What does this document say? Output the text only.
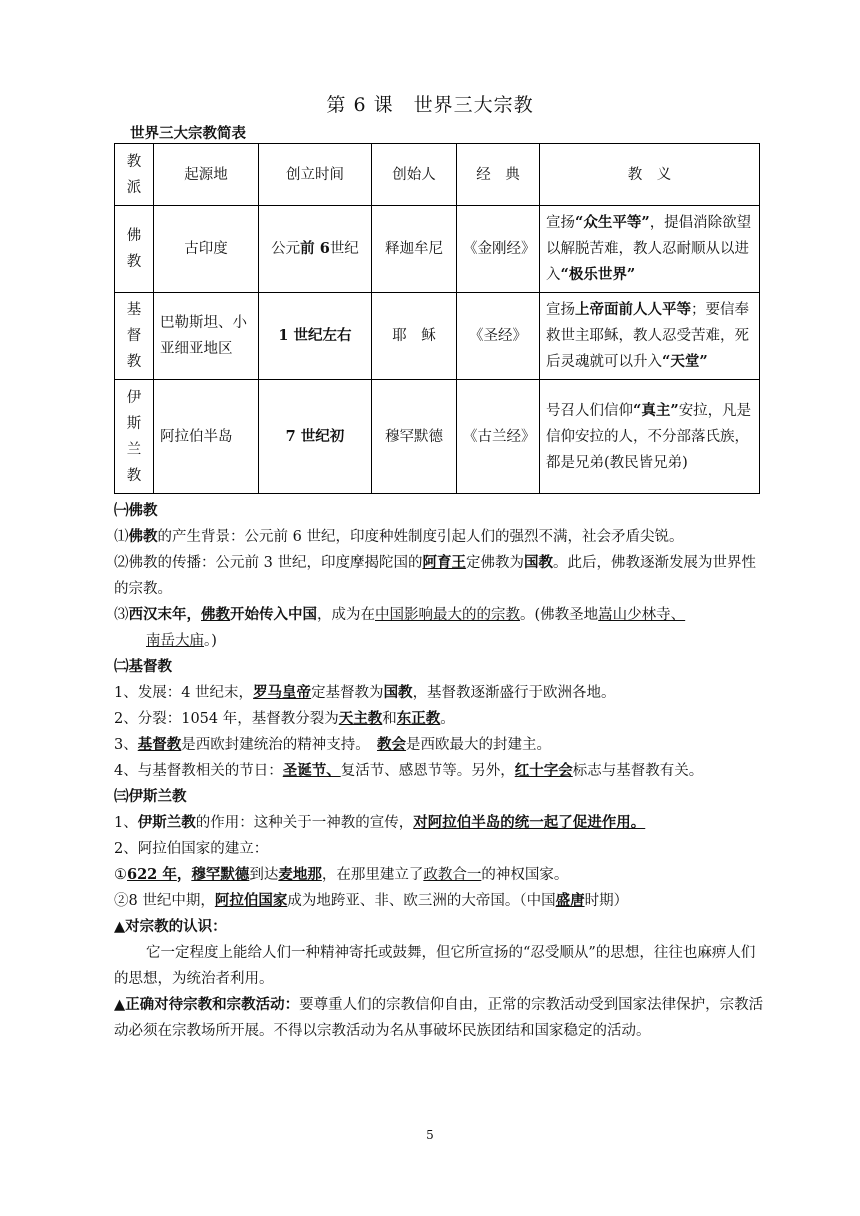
第 6 课　世界三大宗教
世界三大宗教简表
教派	起源地	创立时间	创始人	经　典	教　义
佛教	古印度	公元前 6世纪	释迦牟尼	《金刚经》	宣扬“众生平等”，提倡消除欲望以解脱苦难，教人忍耐顺从以进入“极乐世界”
基督教	巴勒斯坦、小亚细亚地区	1 世纪左右	耶　稣	《圣经》	宣扬上帝面前人人平等；要信奉救世主耶稣，教人忍受苦难，死后灵魂就可以升入“天堂”
伊斯兰教	阿拉伯半岛	7 世纪初	穆罕默德	《古兰经》	号召人们信仰“真主”安拉，凡是信仰安拉的人，不分部落氏族，都是兄弟(教民皆兄弟)

㈠佛教

⑴佛教的产生背景：公元前 6 世纪，印度种姓制度引起人们的强烈不满，社会矛盾尖锐。

⑵佛教的传播：公元前 3 世纪，印度摩揭陀国的阿育王定佛教为国教。此后，佛教逐渐发展为世界性的宗教。

⑶西汉末年，佛教开始传入中国，成为在中国影响最大的的宗教。(佛教圣地嵩山少林寺、
南岳大庙。)

㈡基督教

1、发展：4 世纪末，罗马皇帝定基督教为国教，基督教逐渐盛行于欧洲各地。

2、分裂：1054 年，基督教分裂为天主教和东正教。

3、基督教是西欧封建统治的精神支持。　教会是西欧最大的封建主。

4、与基督教相关的节日：圣诞节、复活节、感恩节等。另外，红十字会标志与基督教有关。

㈢伊斯兰教

1、伊斯兰教的作用：这种关于一神教的宣传，对阿拉伯半岛的统一起了促进作用。

2、阿拉伯国家的建立：

①622 年，穆罕默德到达麦地那，在那里建立了政教合一的神权国家。

②8 世纪中期，阿拉伯国家成为地跨亚、非、欧三洲的大帝国。（中国盛唐时期）

▲对宗教的认识：

它一定程度上能给人们一种精神寄托或鼓舞，但它所宣扬的“忍受顺从”的思想，往往也麻痹人们的思想，为统治者利用。

▲正确对待宗教和宗教活动：要尊重人们的宗教信仰自由，正常的宗教活动受到国家法律保护，宗教活动必须在宗教场所开展。不得以宗教活动为名从事破坏民族团结和国家稳定的活动。

5
